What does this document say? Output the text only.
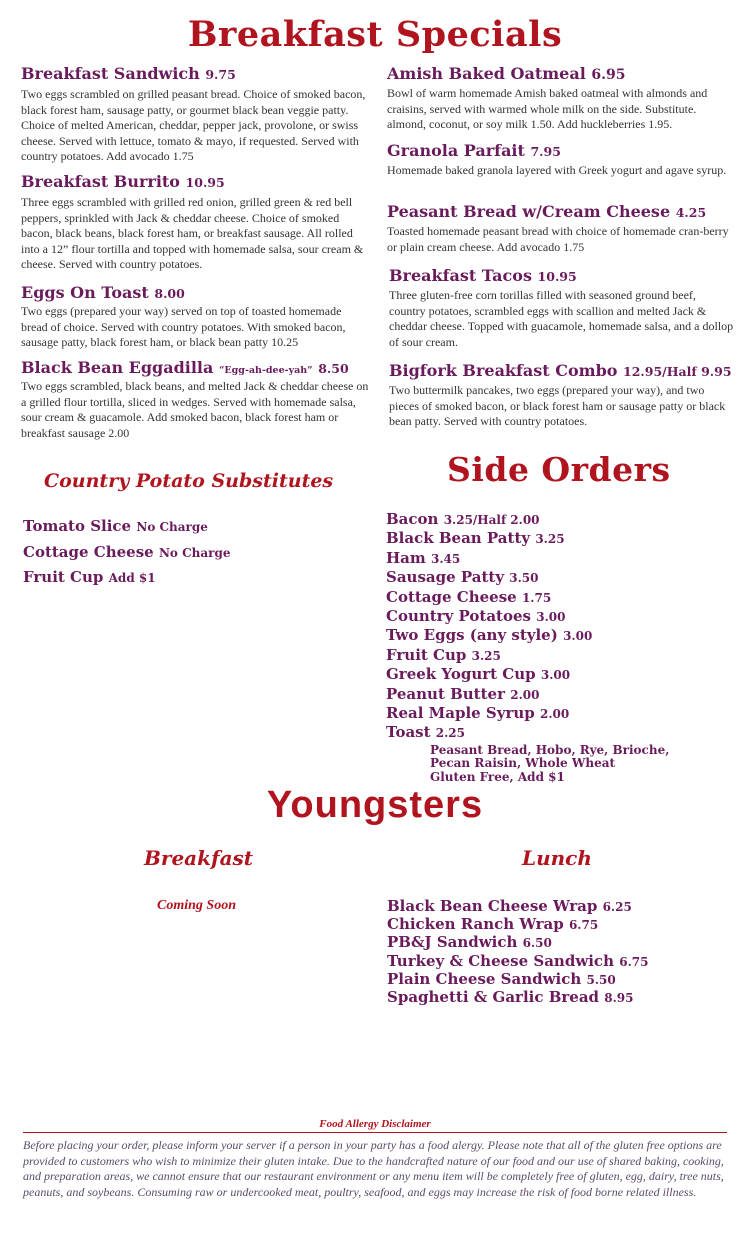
Breakfast Specials
Breakfast Sandwich 9.75
Two eggs scrambled on grilled peasant bread. Choice of smoked bacon, black forest ham, sausage patty, or gourmet black bean veggie patty. Choice of melted American, cheddar, pepper jack, provolone, or swiss cheese. Served with lettuce, tomato & mayo, if requested. Served with country potatoes. Add avocado 1.75
Breakfast Burrito 10.95
Three eggs scrambled with grilled red onion, grilled green & red bell peppers, sprinkled with Jack & cheddar cheese. Choice of smoked bacon, black beans, black forest ham, or breakfast sausage. All rolled into a 12” flour tortilla and topped with homemade salsa, sour cream & cheese. Served with country potatoes.
Eggs On Toast 8.00
Two eggs (prepared your way) served on top of toasted homemade bread of choice. Served with country potatoes. With smoked bacon, sausage patty, black forest ham, or black bean patty 10.25
Black Bean Eggadilla “Egg-ah-dee-yah” 8.50
Two eggs scrambled, black beans, and melted Jack & cheddar cheese on a grilled flour tortilla, sliced in wedges. Served with homemade salsa, sour cream & guacamole. Add smoked bacon, black forest ham or breakfast sausage 2.00
Amish Baked Oatmeal 6.95
Bowl of warm homemade Amish baked oatmeal with almonds and craisins, served with warmed whole milk on the side. Substitute. almond, coconut, or soy milk 1.50. Add huckleberries 1.95.
Granola Parfait 7.95
Homemade baked granola layered with Greek yogurt and agave syrup.
Peasant Bread w/Cream Cheese 4.25
Toasted homemade peasant bread with choice of homemade cran-berry or plain cream cheese. Add avocado 1.75
Breakfast Tacos 10.95
Three gluten-free corn torillas filled with seasoned ground beef, country potatoes, scrambled eggs with scallion and melted Jack & cheddar cheese. Topped with guacamole, homemade salsa, and a dollop of sour cream.
Bigfork Breakfast Combo 12.95/Half 9.95
Two buttermilk pancakes, two eggs (prepared your way), and two pieces of smoked bacon, or black forest ham or sausage patty or black bean patty. Served with country potatoes.
Country Potato Substitutes
Tomato Slice No Charge
Cottage Cheese No Charge
Fruit Cup Add $1
Side Orders
Bacon 3.25/Half 2.00
Black Bean Patty 3.25
Ham 3.45
Sausage Patty 3.50
Cottage Cheese 1.75
Country Potatoes 3.00
Two Eggs (any style) 3.00
Fruit Cup 3.25
Greek Yogurt Cup 3.00
Peanut Butter 2.00
Real Maple Syrup 2.00
Toast 2.25
Peasant Bread, Hobo, Rye, Brioche,
Pecan Raisin, Whole Wheat
Gluten Free, Add $1
Youngsters
Breakfast
Coming Soon
Lunch
Black Bean Cheese Wrap 6.25
Chicken Ranch Wrap 6.75
PB&J Sandwich 6.50
Turkey & Cheese Sandwich 6.75
Plain Cheese Sandwich 5.50
Spaghetti & Garlic Bread 8.95
Food Allergy Disclaimer
Before placing your order, please inform your server if a person in your party has a food alergy. Please note that all of the gluten free options are provided to customers who wish to minimize their gluten intake. Due to the handcrafted nature of our food and our use of shared baking, cooking, and preparation areas, we cannot ensure that our restaurant environment or any menu item will be completely free of gluten, egg, dairy, tree nuts, peanuts, and soybeans. Consuming raw or undercooked meat, poultry, seafood, and eggs may increase the risk of food borne related illness.
